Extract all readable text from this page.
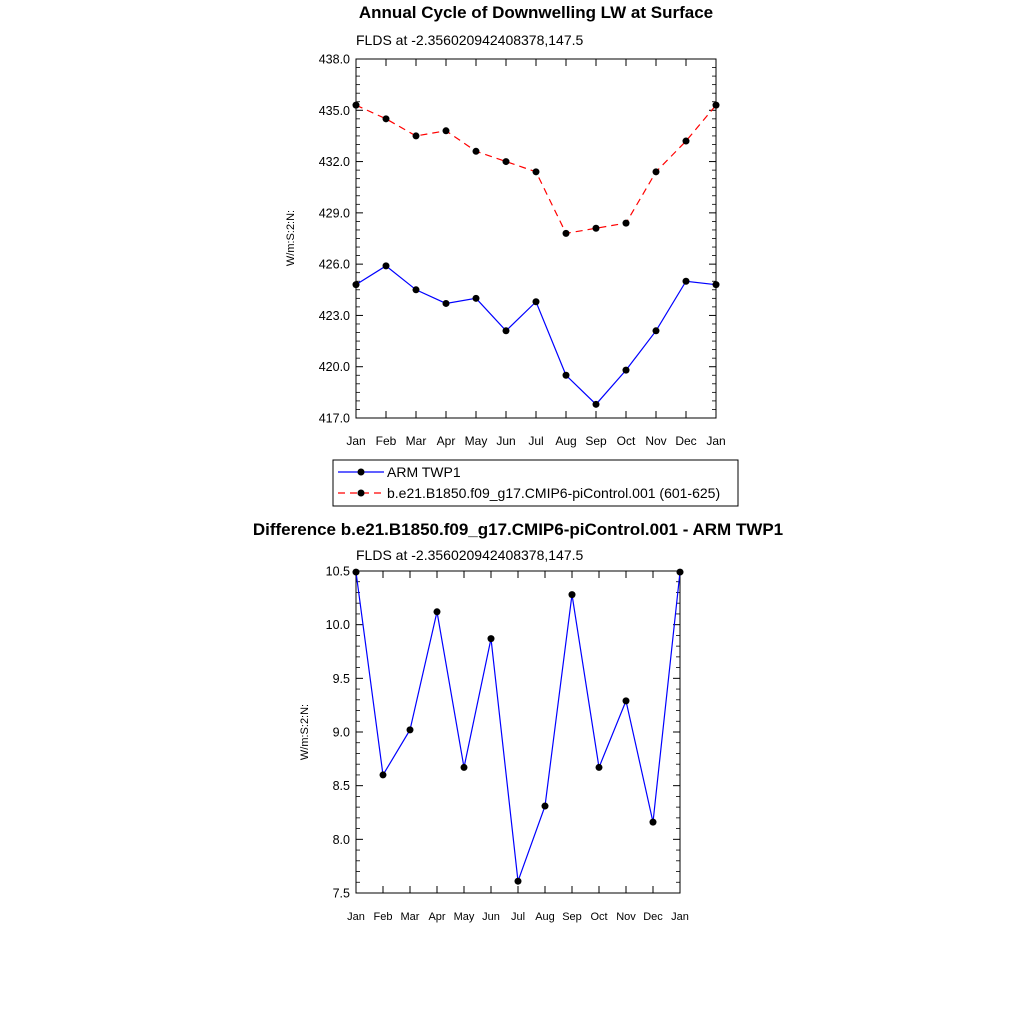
Annual Cycle of Downwelling LW at Surface
FLDS at -2.356020942408378,147.5
W/m:S:2:N:
417.0
420.0
423.0
426.0
429.0
432.0
435.0
438.0
Jan Feb Mar Apr May Jun Jul Aug Sep Oct Nov Dec Jan
ARM TWP1
b.e21.B1850.f09_g17.CMIP6-piControl.001 (601-625)
Difference b.e21.B1850.f09_g17.CMIP6-piControl.001 - ARM TWP1
FLDS at -2.356020942408378,147.5
W/m:S:2:N:
7.5
8.0
8.5
9.0
9.5
10.0
10.5
Jan Feb Mar Apr May Jun Jul Aug Sep Oct Nov Dec Jan
